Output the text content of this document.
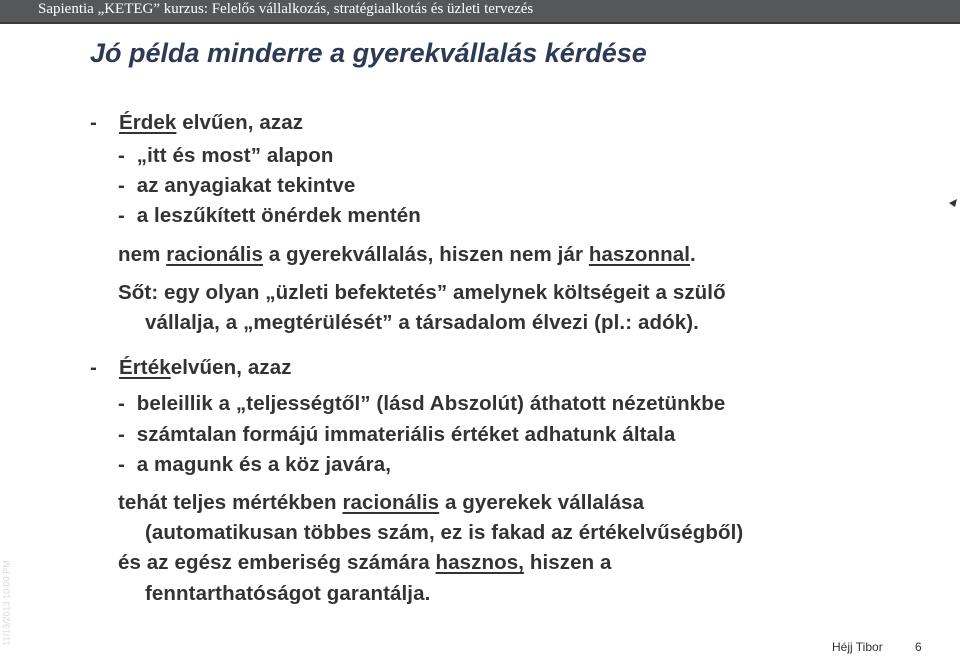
Sapientia „KETEG” kurzus: Felelős vállalkozás, stratégiaalkotás és üzleti tervezés
Jó példa minderre a gyerekvállalás kérdése
- Érdek elvűen, azaz
- „itt és most” alapon
- az anyagiakat tekintve
- a leszűkített önérdek mentén
nem racionális a gyerekvállalás, hiszen nem jár haszonnal.
Sőt: egy olyan „üzleti befektetés” amelynek költségeit a szülő
vállalja, a „megtérülését” a társadalom élvezi (pl.: adók).
- Értékelvűen, azaz
- beleillik a „teljességtől” (lásd Abszolút) áthatott nézetünkbe
- számtalan formájú immateriális értéket adhatunk általa
- a magunk és a köz javára,
tehát teljes mértékben racionális a gyerekek vállalása
(automatikusan többes szám, ez is fakad az értékelvűségből)
és az egész emberiség számára hasznos, hiszen a
fenntarthatóságot garantálja.
11/13/2013 10:00 PM
Héjj Tibor	6
